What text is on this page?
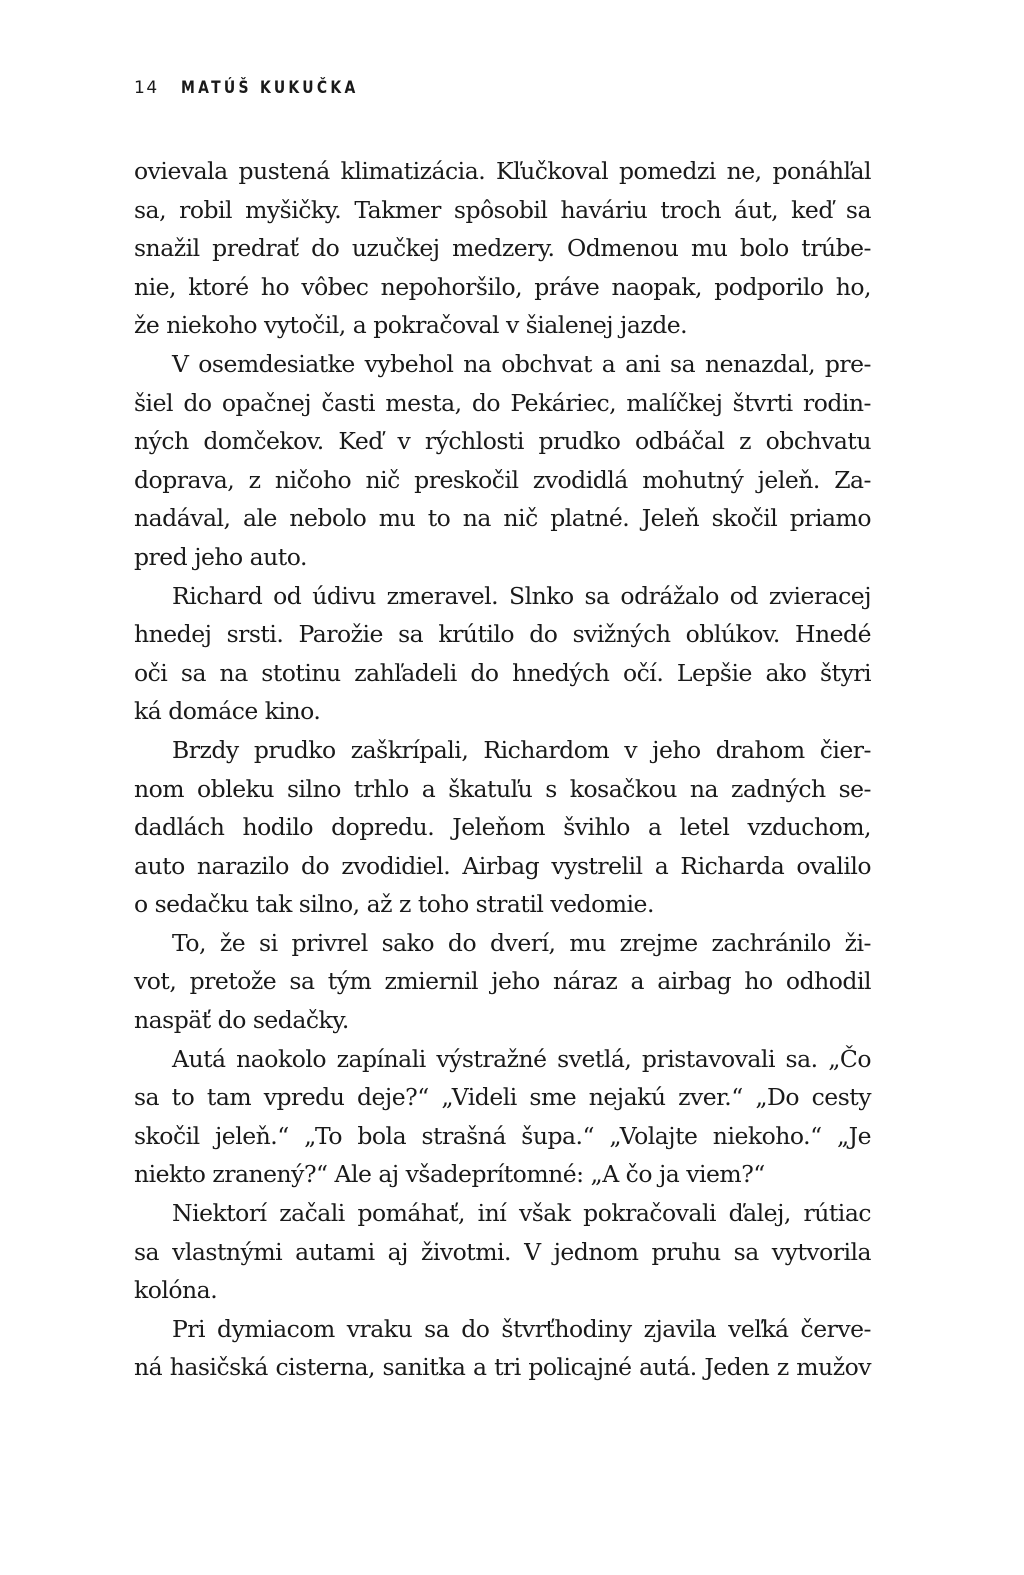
14 MATÚŠ KUKUČKA
ovievala pustená klimatizácia. Kľučkoval pomedzi ne, ponáhľal
sa, robil myšičky. Takmer spôsobil haváriu troch áut, keď sa
snažil predrať do uzučkej medzery. Odmenou mu bolo trúbe-
nie, ktoré ho vôbec nepohoršilo, práve naopak, podporilo ho,
že niekoho vytočil, a pokračoval v šialenej jazde.
V osemdesiatke vybehol na obchvat a ani sa nenazdal, pre-
šiel do opačnej časti mesta, do Pekáriec, malíčkej štvrti rodin-
ných domčekov. Keď v rýchlosti prudko odbáčal z obchvatu
doprava, z ničoho nič preskočil zvodidlá mohutný jeleň. Za-
nadával, ale nebolo mu to na nič platné. Jeleň skočil priamo
pred jeho auto.
Richard od údivu zmeravel. Slnko sa odrážalo od zvieracej
hnedej srsti. Parožie sa krútilo do svižných oblúkov. Hnedé
oči sa na stotinu zahľadeli do hnedých očí. Lepšie ako štyri
ká domáce kino.
Brzdy prudko zaškrípali, Richardom v jeho drahom čier-
nom obleku silno trhlo a škatuľu s kosačkou na zadných se-
dadlách hodilo dopredu. Jeleňom švihlo a letel vzduchom,
auto narazilo do zvodidiel. Airbag vystrelil a Richarda ovalilo
o sedačku tak silno, až z toho stratil vedomie.
To, že si privrel sako do dverí, mu zrejme zachránilo ži-
vot, pretože sa tým zmiernil jeho náraz a airbag ho odhodil
naspäť do sedačky.
Autá naokolo zapínali výstražné svetlá, pristavovali sa. „Čo
sa to tam vpredu deje?“ „Videli sme nejakú zver.“ „Do cesty
skočil jeleň.“ „To bola strašná šupa.“ „Volajte niekoho.“ „Je
niekto zranený?“ Ale aj všadeprítomné: „A čo ja viem?“
Niektorí začali pomáhať, iní však pokračovali ďalej, rútiac
sa vlastnými autami aj životmi. V jednom pruhu sa vytvorila
kolóna.
Pri dymiacom vraku sa do štvrťhodiny zjavila veľká červe-
ná hasičská cisterna, sanitka a tri policajné autá. Jeden z mužov
